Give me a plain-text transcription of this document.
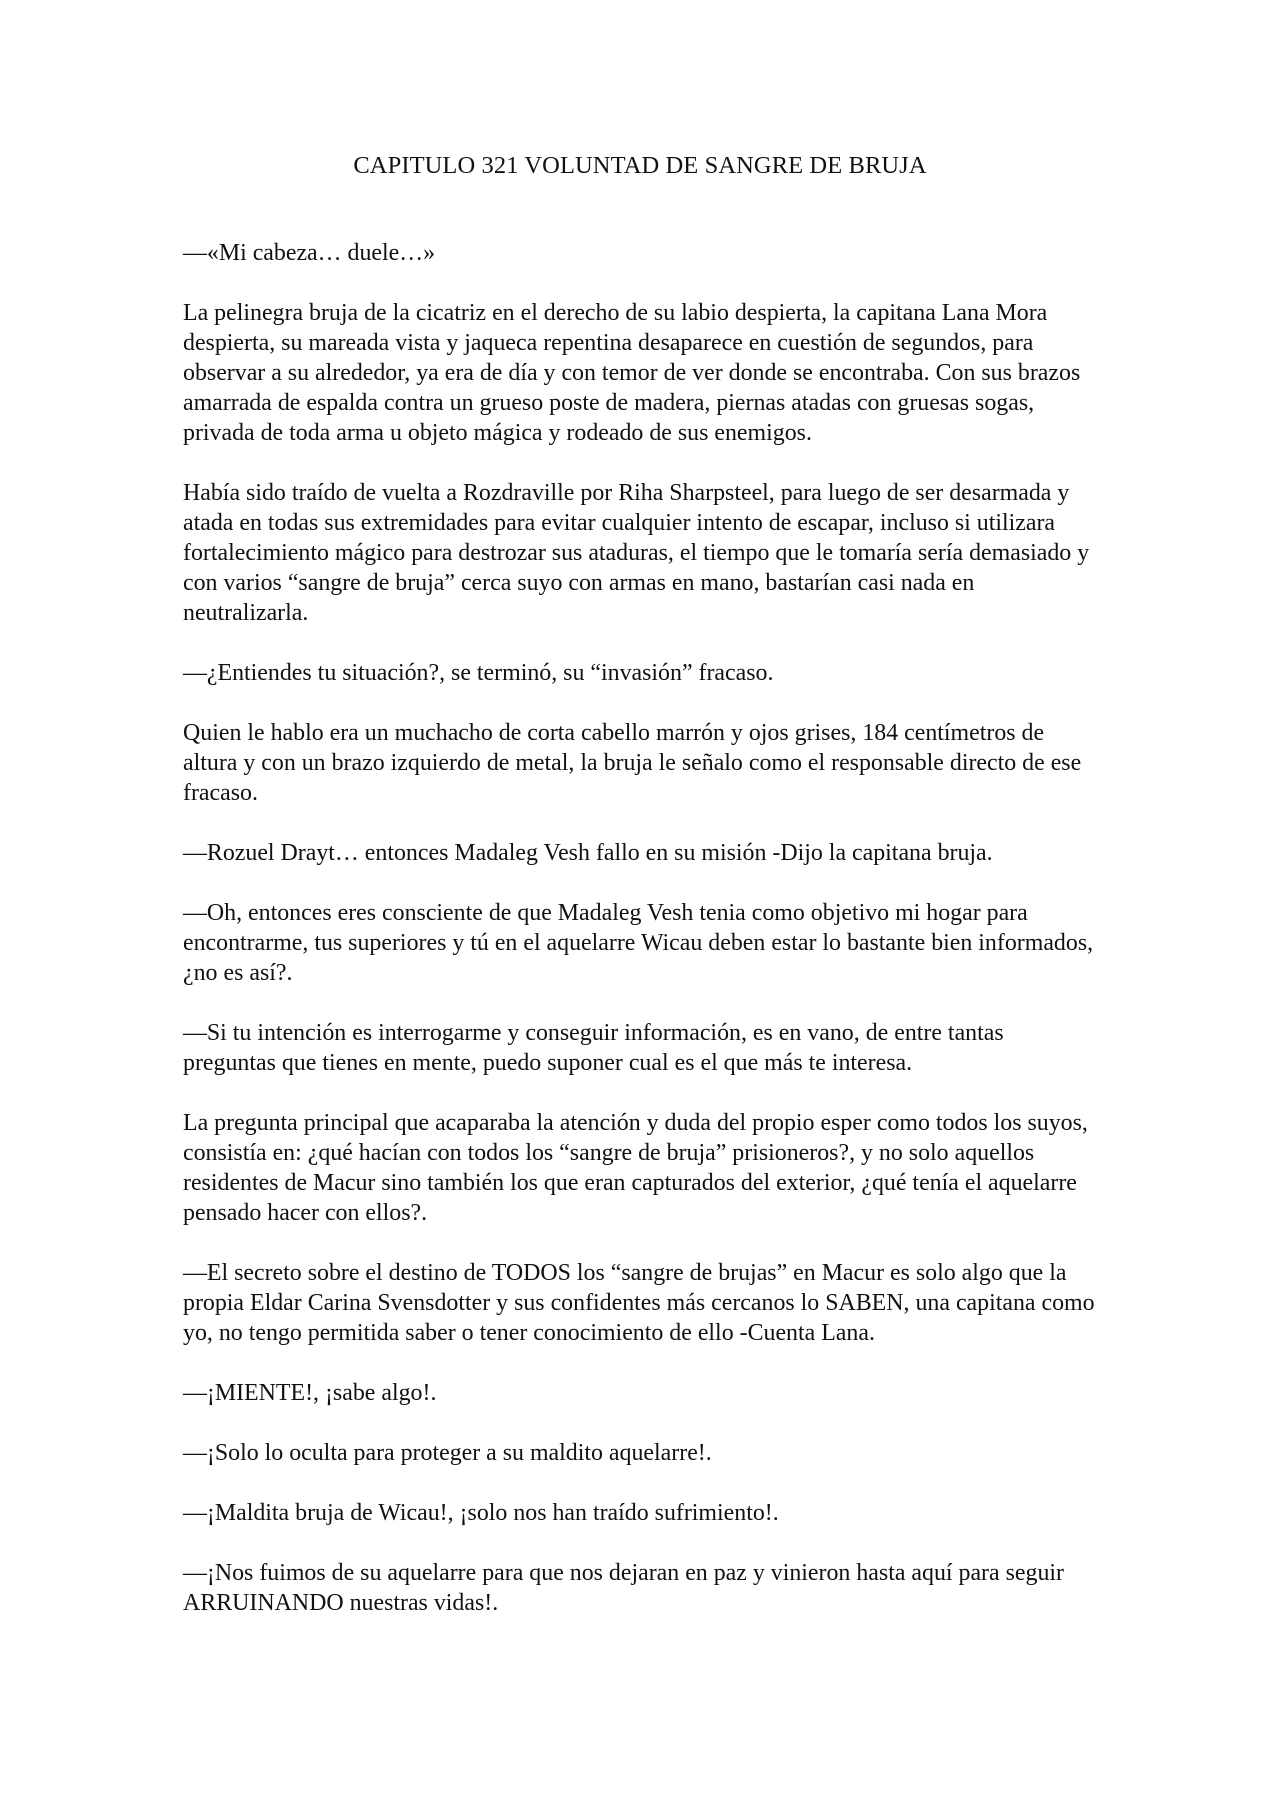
CAPITULO 321 VOLUNTAD DE SANGRE DE BRUJA

—«Mi cabeza… duele…»

La pelinegra bruja de la cicatriz en el derecho de su labio despierta, la capitana Lana Mora despierta, su mareada vista y jaqueca repentina desaparece en cuestión de segundos, para observar a su alrededor, ya era de día y con temor de ver donde se encontraba. Con sus brazos amarrada de espalda contra un grueso poste de madera, piernas atadas con gruesas sogas, privada de toda arma u objeto mágica y rodeado de sus enemigos.

Había sido traído de vuelta a Rozdraville por Riha Sharpsteel, para luego de ser desarmada y atada en todas sus extremidades para evitar cualquier intento de escapar, incluso si utilizara fortalecimiento mágico para destrozar sus ataduras, el tiempo que le tomaría sería demasiado y con varios “sangre de bruja” cerca suyo con armas en mano, bastarían casi nada en neutralizarla.

—¿Entiendes tu situación?, se terminó, su “invasión” fracaso.

Quien le hablo era un muchacho de corta cabello marrón y ojos grises, 184 centímetros de altura y con un brazo izquierdo de metal, la bruja le señalo como el responsable directo de ese fracaso.

—Rozuel Drayt… entonces Madaleg Vesh fallo en su misión -Dijo la capitana bruja.

—Oh, entonces eres consciente de que Madaleg Vesh tenia como objetivo mi hogar para encontrarme, tus superiores y tú en el aquelarre Wicau deben estar lo bastante bien informados, ¿no es así?.

—Si tu intención es interrogarme y conseguir información, es en vano, de entre tantas preguntas que tienes en mente, puedo suponer cual es el que más te interesa.

La pregunta principal que acaparaba la atención y duda del propio esper como todos los suyos, consistía en: ¿qué hacían con todos los “sangre de bruja” prisioneros?, y no solo aquellos residentes de Macur sino también los que eran capturados del exterior, ¿qué tenía el aquelarre pensado hacer con ellos?.

—El secreto sobre el destino de TODOS los “sangre de brujas” en Macur es solo algo que la propia Eldar Carina Svensdotter y sus confidentes más cercanos lo SABEN, una capitana como yo, no tengo permitida saber o tener conocimiento de ello -Cuenta Lana.

—¡MIENTE!, ¡sabe algo!.

—¡Solo lo oculta para proteger a su maldito aquelarre!.

—¡Maldita bruja de Wicau!, ¡solo nos han traído sufrimiento!.

—¡Nos fuimos de su aquelarre para que nos dejaran en paz y vinieron hasta aquí para seguir ARRUINANDO nuestras vidas!.
